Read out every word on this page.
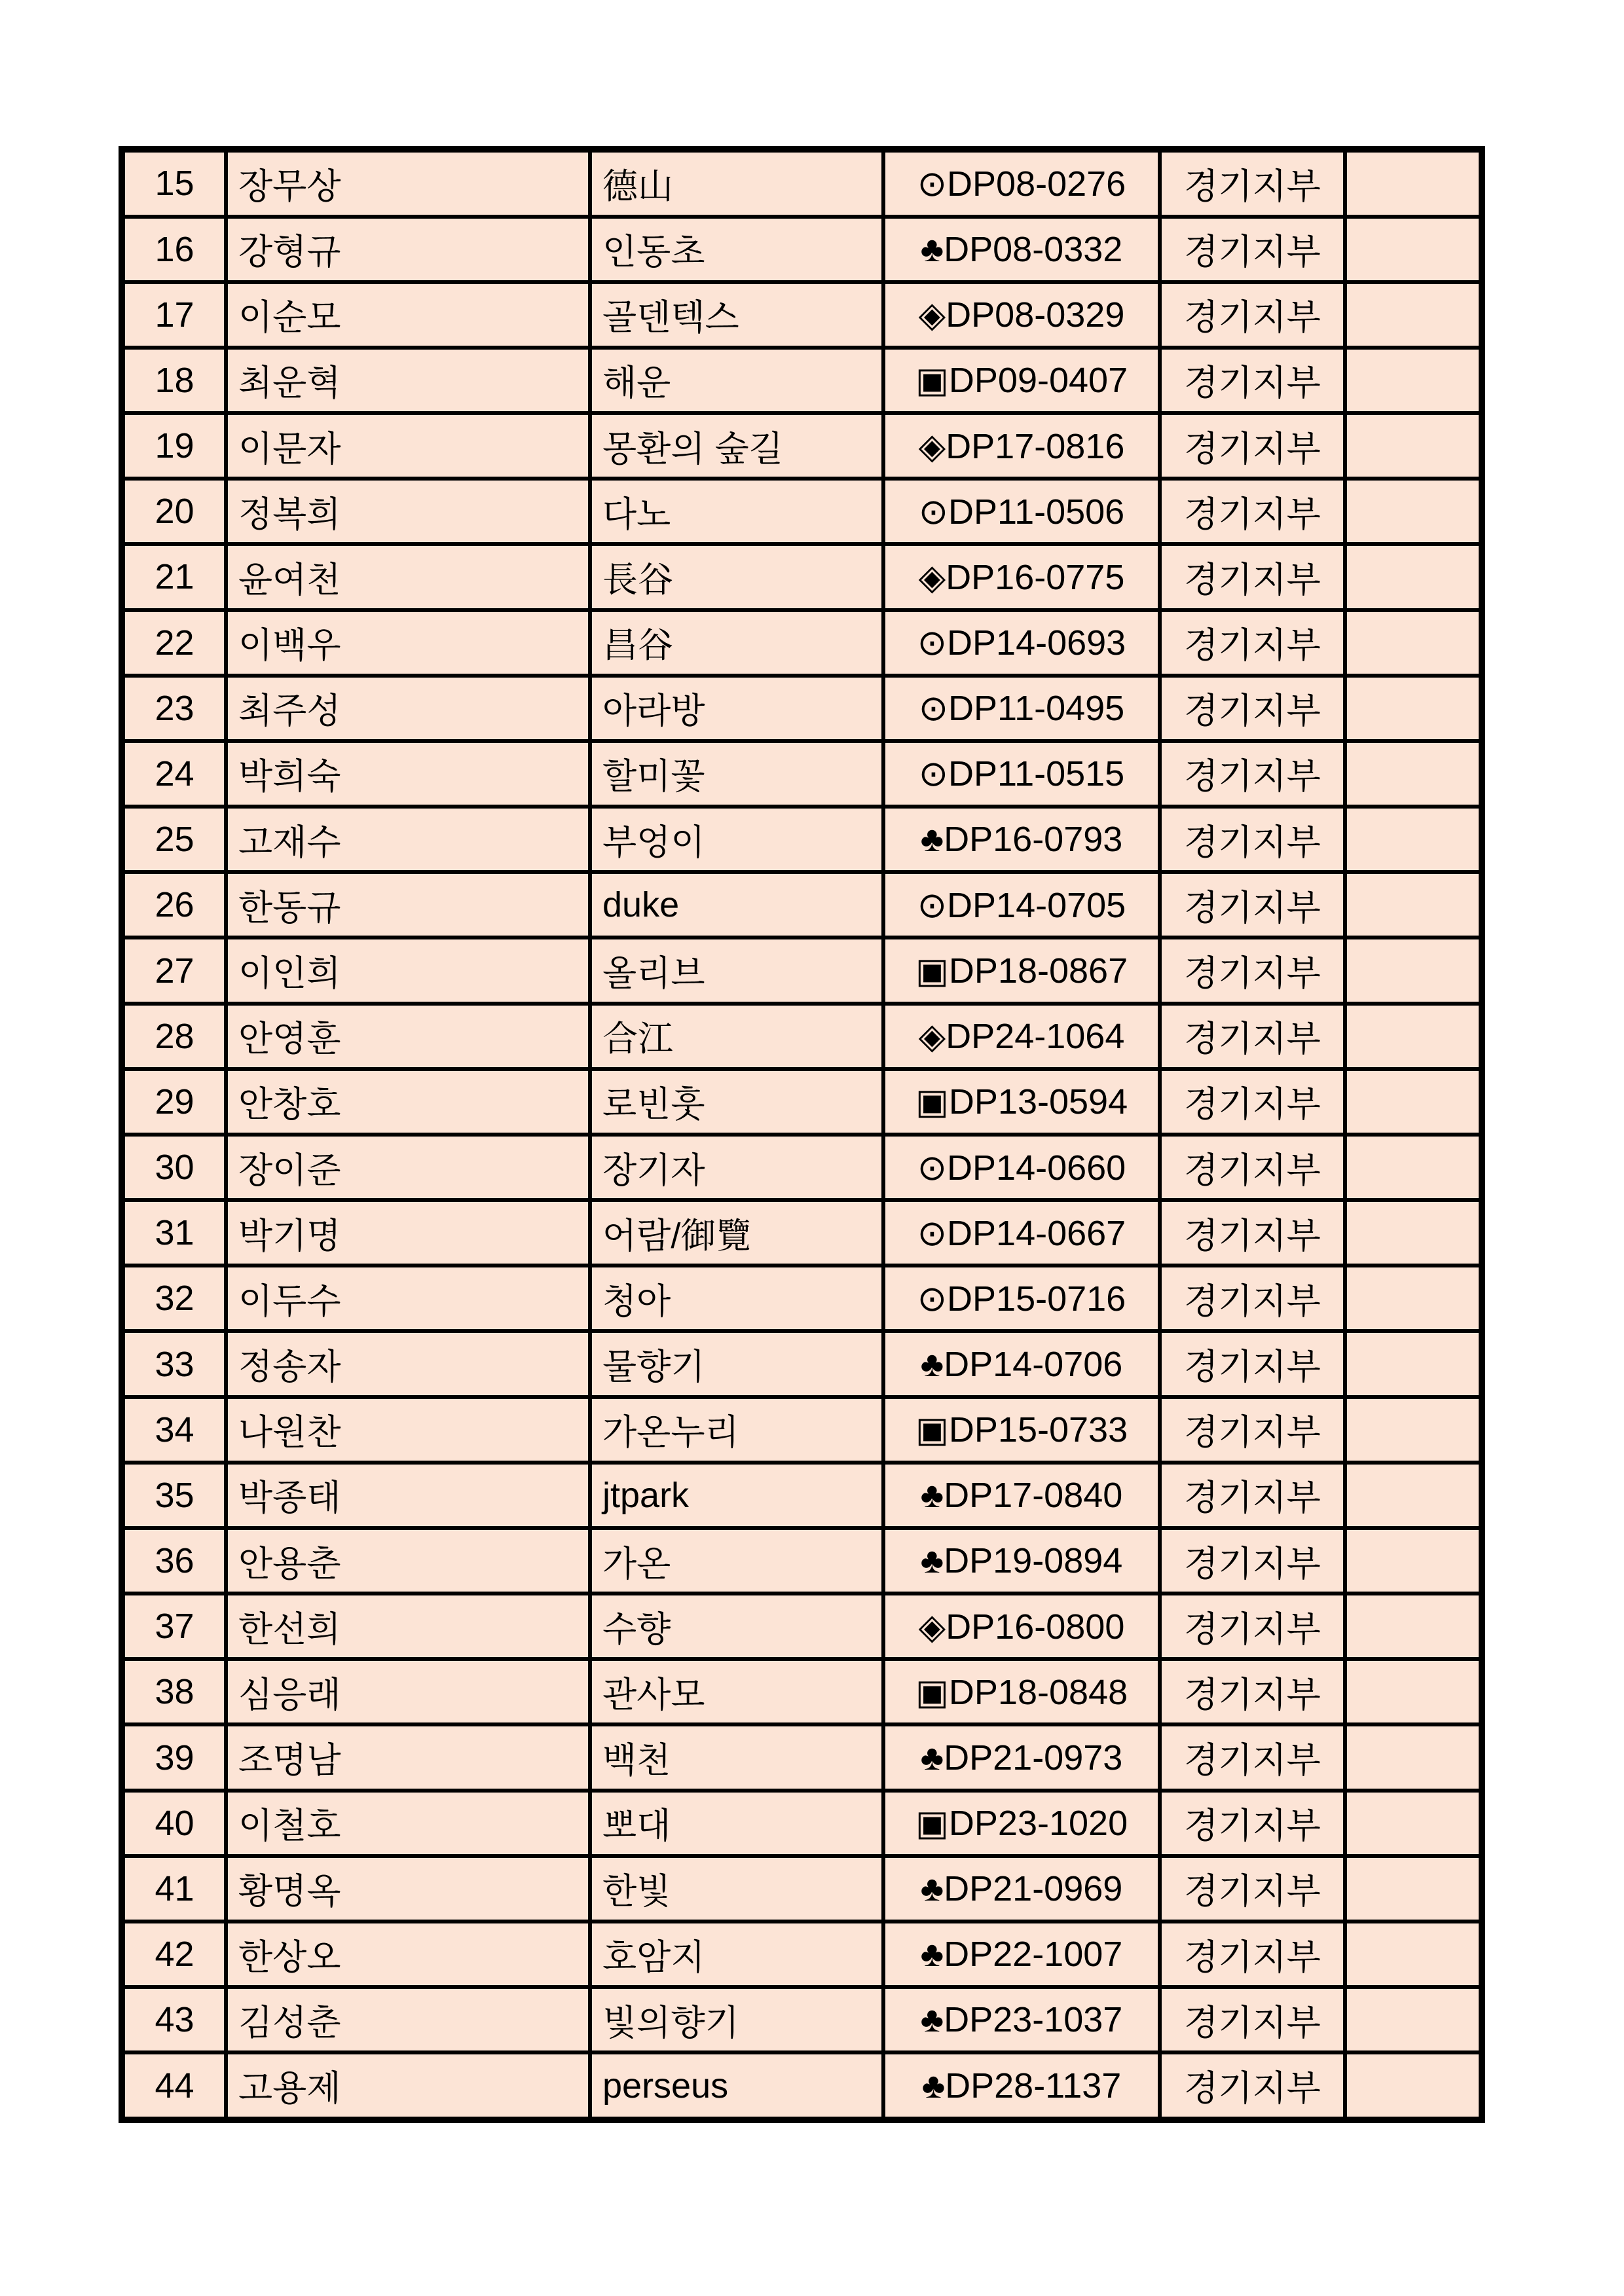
15	장무상	德山	⊙DP08-0276	경기지부	
16	강형규	인동초	♣DP08-0332	경기지부	
17	이순모	골덴텍스	◈DP08-0329	경기지부	
18	최운혁	해운	▣DP09-0407	경기지부	
19	이문자	몽환의 숲길	◈DP17-0816	경기지부	
20	정복희	다노	⊙DP11-0506	경기지부	
21	윤여천	長谷	◈DP16-0775	경기지부	
22	이백우	昌谷	⊙DP14-0693	경기지부	
23	최주성	아라방	⊙DP11-0495	경기지부	
24	박희숙	할미꽃	⊙DP11-0515	경기지부	
25	고재수	부엉이	♣DP16-0793	경기지부	
26	한동규	duke	⊙DP14-0705	경기지부	
27	이인희	올리브	▣DP18-0867	경기지부	
28	안영훈	合江	◈DP24-1064	경기지부	
29	안창호	로빈훗	▣DP13-0594	경기지부	
30	장이준	장기자	⊙DP14-0660	경기지부	
31	박기명	어람/御覽	⊙DP14-0667	경기지부	
32	이두수	청아	⊙DP15-0716	경기지부	
33	정송자	물향기	♣DP14-0706	경기지부	
34	나원찬	가온누리	▣DP15-0733	경기지부	
35	박종태	jtpark	♣DP17-0840	경기지부	
36	안용춘	가온	♣DP19-0894	경기지부	
37	한선희	수향	◈DP16-0800	경기지부	
38	심응래	관사모	▣DP18-0848	경기지부	
39	조명남	백천	♣DP21-0973	경기지부	
40	이철호	뽀대	▣DP23-1020	경기지부	
41	황명옥	한빛	♣DP21-0969	경기지부	
42	한상오	호암지	♣DP22-1007	경기지부	
43	김성춘	빛의향기	♣DP23-1037	경기지부	
44	고용제	perseus	♣DP28-1137	경기지부	
